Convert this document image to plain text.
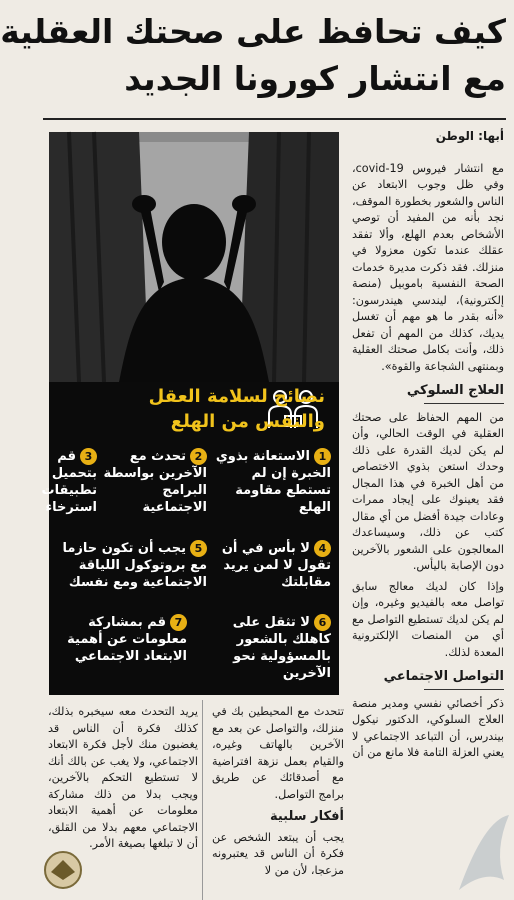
كيف تحافظ على صحتك العقلية
مع انتشار كورونا الجديد
أبها: الوطن

مع انتشار فيروس covid-19، وفي ظل وجوب الابتعاد عن الناس والشعور بخطورة الموقف، نجد بأنه من المفيد أن توصي الأشخاص بعدم الهلع، وألا تفقد عقلك عندما تكون معزولا في منزلك. فقد ذكرت مديرة خدمات الصحة النفسية باموبيل (منصة إلكترونية)، ليندسي هيندرسون: «أنه بقدر ما هو مهم أن تغسل يديك، كذلك من المهم أن تفعل ذلك، وأنت بكامل صحتك العقلية وبمنتهى الشجاعة والقوة».

العلاج السلوكي

من المهم الحفاظ على صحتك العقلية في الوقت الحالي، وأن لم يكن لديك القدرة على ذلك وحدك استعن بذوي الاختصاص من أهل الخبرة في هذا المجال فقد يعينوك على إيجاد ممرات وعادات جيدة أفضل من أي مقال كتب عن ذلك، وسيساعدك المعالجون على الشعور بالآخرين دون الإصابة باليأس.

وإذا كان لديك معالج سابق تواصل معه بالفيديو وغيره، وإن لم يكن لديك تستطيع التواصل مع أي من المنصات الإلكترونية المعدة لذلك.

التواصل الاجتماعي

ذكر أخصائي نفسي ومدير منصة العلاج السلوكي، الدكتور نيكول بيندرس، أن التباعد الاجتماعي لا يعني العزلة التامة فلا مانع من أن

نصائح لسلامة العقل
والنفس من الهلع
1الاستعانة بذوي الخبرة إن لم تستطع مقاومة الهلع
2تحدث مع الآخرين بواسطة البرامج الاجتماعية
3قم بتحميل تطبيقات استرخاء
4لا بأس في أن تقول لا لمن يريد مقابلتك
5يجب أن تكون حازما مع بروتوكول اللياقة الاجتماعية ومع نفسك
6لا تثقل على كاهلك بالشعور بالمسؤولية نحو الآخرين
7قم بمشاركة معلومات عن أهمية الابتعاد الاجتماعي

تتحدث مع المحيطين بك في منزلك، والتواصل عن بعد مع الآخرين بالهاتف وغيره، والقيام بعمل نزهة افتراضية مع أصدقائك عن طريق برامج التواصل.

أفكار سلبية

يجب أن يبتعد الشخص عن فكرة أن الناس قد يعتبرونه مزعجا، لأن من لا

يريد التحدث معه سيخبره بذلك، كذلك فكرة أن الناس قد يغضبون منك لأجل فكرة الابتعاد الاجتماعي، ولا يغب عن بالك أنك لا تستطيع التحكم بالآخرين، ويجب بدلا من ذلك مشاركة معلومات عن أهمية الابتعاد الاجتماعي معهم بدلا من القلق، أن لا تبلغها بصيغة الأمر.
